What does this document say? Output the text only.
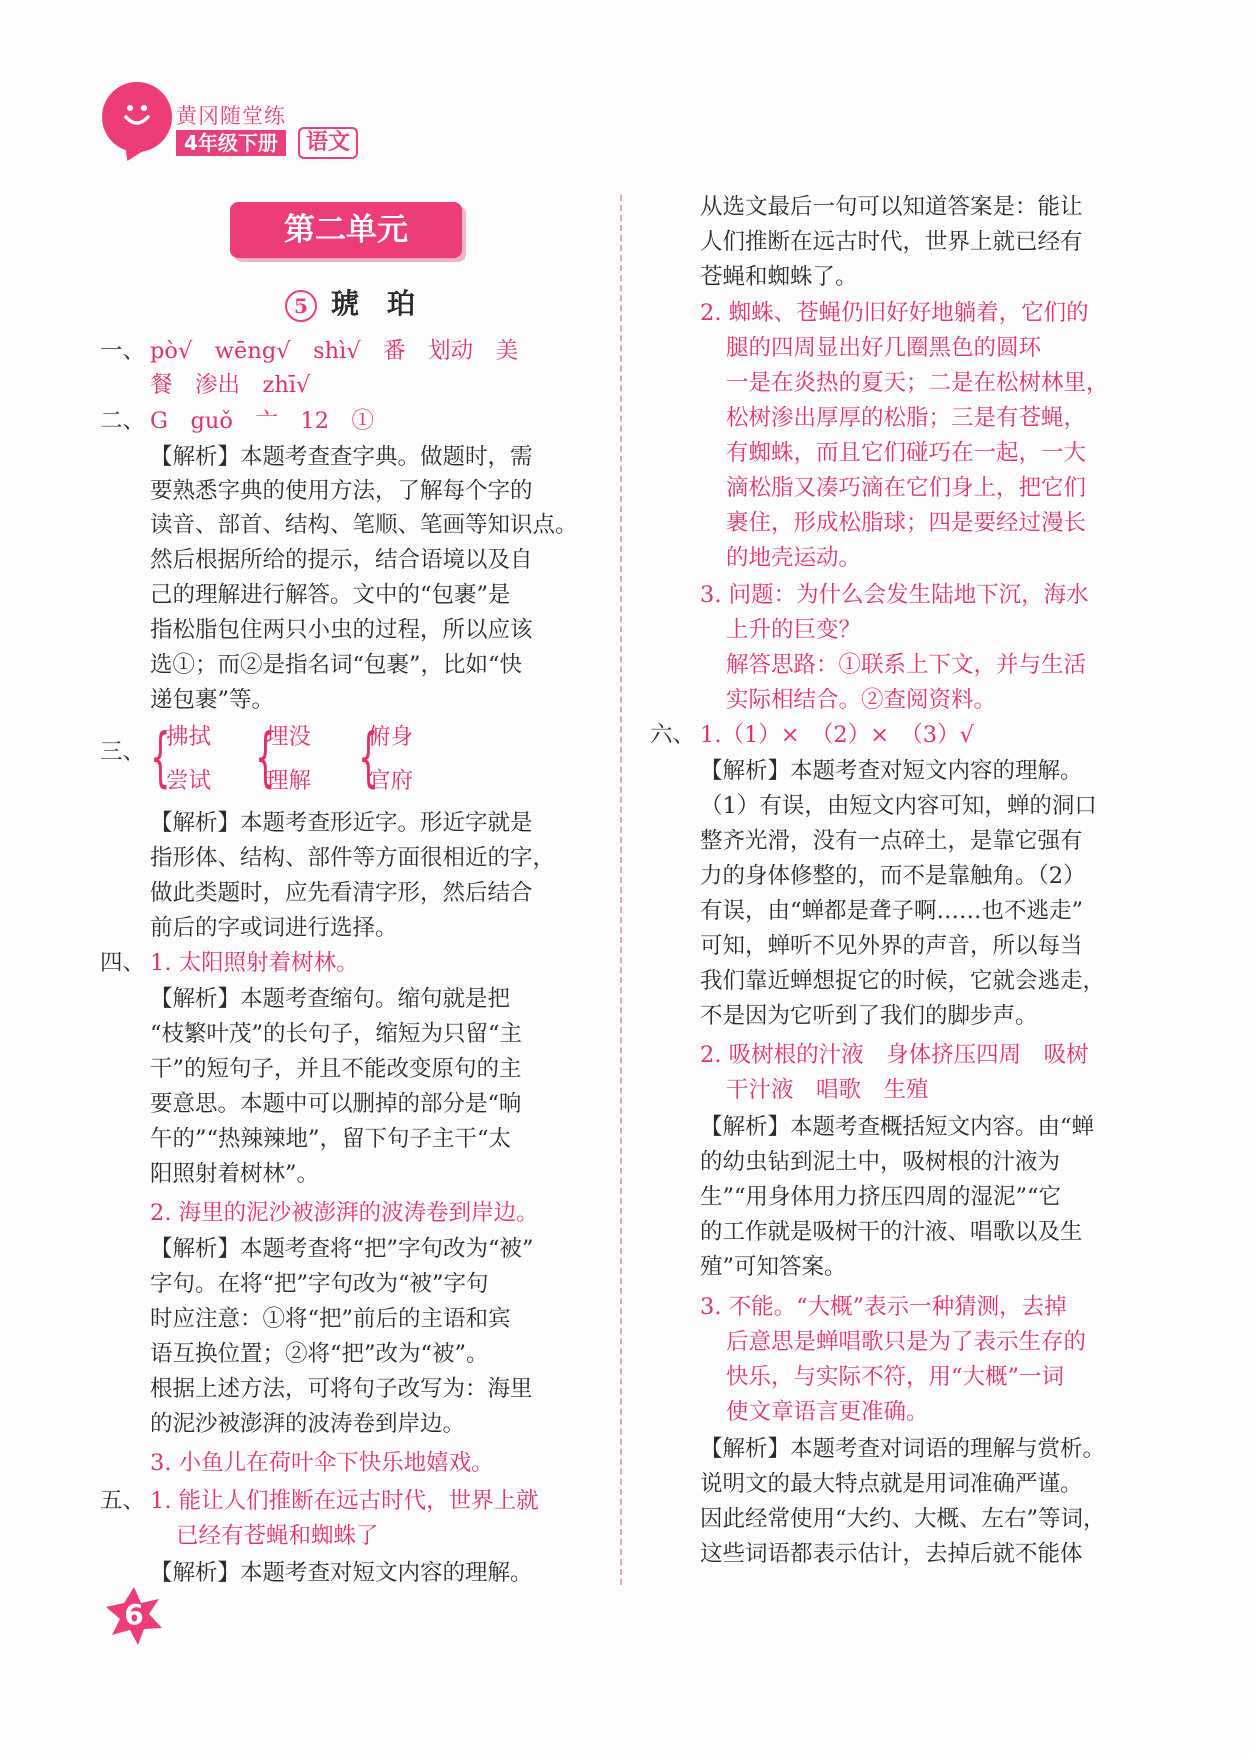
黄冈随堂练
4年级下册	语文
第二单元
5 琥　珀
一、 pò√　wēng√　shì√　番　划动　美
餐　渗出　zhī√
二、 G　guǒ　亠　12　①
【解析】本题考查查字典。做题时，需
要熟悉字典的使用方法，了解每个字的
读音、部首、结构、笔顺、笔画等知识点。
然后根据所给的提示，结合语境以及自
己的理解进行解答。文中的“包裹”是
指松脂包住两只小虫的过程，所以应该
选①；而②是指名词“包裹”，比如“快
递包裹”等。
三、 {
拂拭
尝试 {
埋没
理解 {
俯身
官府
【解析】本题考查形近字。形近字就是
指形体、结构、部件等方面很相近的字，
做此类题时，应先看清字形，然后结合
前后的字或词进行选择。
四、 1. 太阳照射着树林。
【解析】本题考查缩句。缩句就是把
“枝繁叶茂”的长句子，缩短为只留“主
干”的短句子，并且不能改变原句的主
要意思。本题中可以删掉的部分是“晌
午的”“热辣辣地”，留下句子主干“太
阳照射着树林”。
2. 海里的泥沙被澎湃的波涛卷到岸边。
【解析】本题考查将“把”字句改为“被”
字句。在将“把”字句改为“被”字句
时应注意：①将“把”前后的主语和宾
语互换位置；②将“把”改为“被”。
根据上述方法，可将句子改写为：海里
的泥沙被澎湃的波涛卷到岸边。
3. 小鱼儿在荷叶伞下快乐地嬉戏。
五、 1. 能让人们推断在远古时代，世界上就
已经有苍蝇和蜘蛛了
【解析】本题考查对短文内容的理解。
从选文最后一句可以知道答案是：能让
人们推断在远古时代，世界上就已经有
苍蝇和蜘蛛了。
2. 蜘蛛、苍蝇仍旧好好地躺着，它们的
腿的四周显出好几圈黑色的圆环
一是在炎热的夏天；二是在松树林里，
松树渗出厚厚的松脂；三是有苍蝇，
有蜘蛛，而且它们碰巧在一起，一大
滴松脂又凑巧滴在它们身上，把它们
裹住，形成松脂球；四是要经过漫长
的地壳运动。
3. 问题：为什么会发生陆地下沉，海水
上升的巨变？
解答思路：①联系上下文，并与生活
实际相结合。②查阅资料。
六、 1.（1）×　（2）×　（3）√
【解析】本题考查对短文内容的理解。
（1）有误，由短文内容可知，蝉的洞口
整齐光滑，没有一点碎土，是靠它强有
力的身体修整的，而不是靠触角。（2）
有误，由“蝉都是聋子啊……也不逃走”
可知，蝉听不见外界的声音，所以每当
我们靠近蝉想捉它的时候，它就会逃走，
不是因为它听到了我们的脚步声。
2. 吸树根的汁液　身体挤压四周　吸树
干汁液　唱歌　生殖
【解析】本题考查概括短文内容。由“蝉
的幼虫钻到泥土中，吸树根的汁液为
生”“用身体用力挤压四周的湿泥”“它
的工作就是吸树干的汁液、唱歌以及生
殖”可知答案。
3. 不能。“大概”表示一种猜测，去掉
后意思是蝉唱歌只是为了表示生存的
快乐，与实际不符，用“大概”一词
使文章语言更准确。
【解析】本题考查对词语的理解与赏析。
说明文的最大特点就是用词准确严谨。
因此经常使用“大约、大概、左右”等词，
这些词语都表示估计，去掉后就不能体
6
